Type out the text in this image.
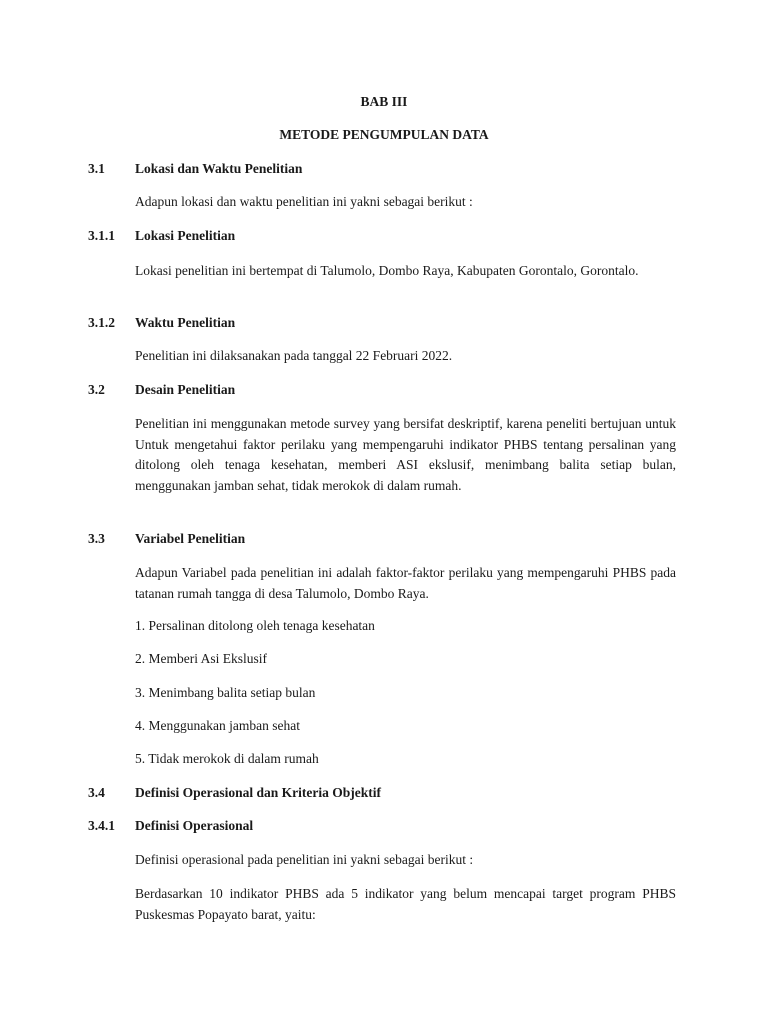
BAB III
METODE PENGUMPULAN DATA
3.1 Lokasi dan Waktu Penelitian
Adapun lokasi dan waktu penelitian ini yakni sebagai berikut :
3.1.1 Lokasi Penelitian
Lokasi penelitian ini bertempat di Talumolo, Dombo Raya, Kabupaten Gorontalo, Gorontalo.
3.1.2 Waktu Penelitian
Penelitian ini dilaksanakan pada tanggal 22 Februari 2022.
3.2 Desain Penelitian
Penelitian ini menggunakan metode survey yang bersifat deskriptif, karena peneliti bertujuan untuk Untuk mengetahui faktor perilaku yang mempengaruhi indikator PHBS tentang persalinan yang ditolong oleh tenaga kesehatan, memberi ASI ekslusif, menimbang balita setiap bulan, menggunakan jamban sehat, tidak merokok di dalam rumah.
3.3 Variabel Penelitian
Adapun Variabel pada penelitian ini adalah faktor-faktor perilaku yang mempengaruhi PHBS pada tatanan rumah tangga di desa Talumolo, Dombo Raya.
1. Persalinan ditolong oleh tenaga kesehatan
2. Memberi Asi Ekslusif
3. Menimbang balita setiap bulan
4. Menggunakan jamban sehat
5. Tidak merokok di dalam rumah
3.4 Definisi Operasional dan Kriteria Objektif
3.4.1 Definisi Operasional
Definisi operasional pada penelitian ini yakni sebagai berikut :
Berdasarkan 10 indikator PHBS ada 5 indikator yang belum mencapai target program PHBS Puskesmas Popayato barat, yaitu:
